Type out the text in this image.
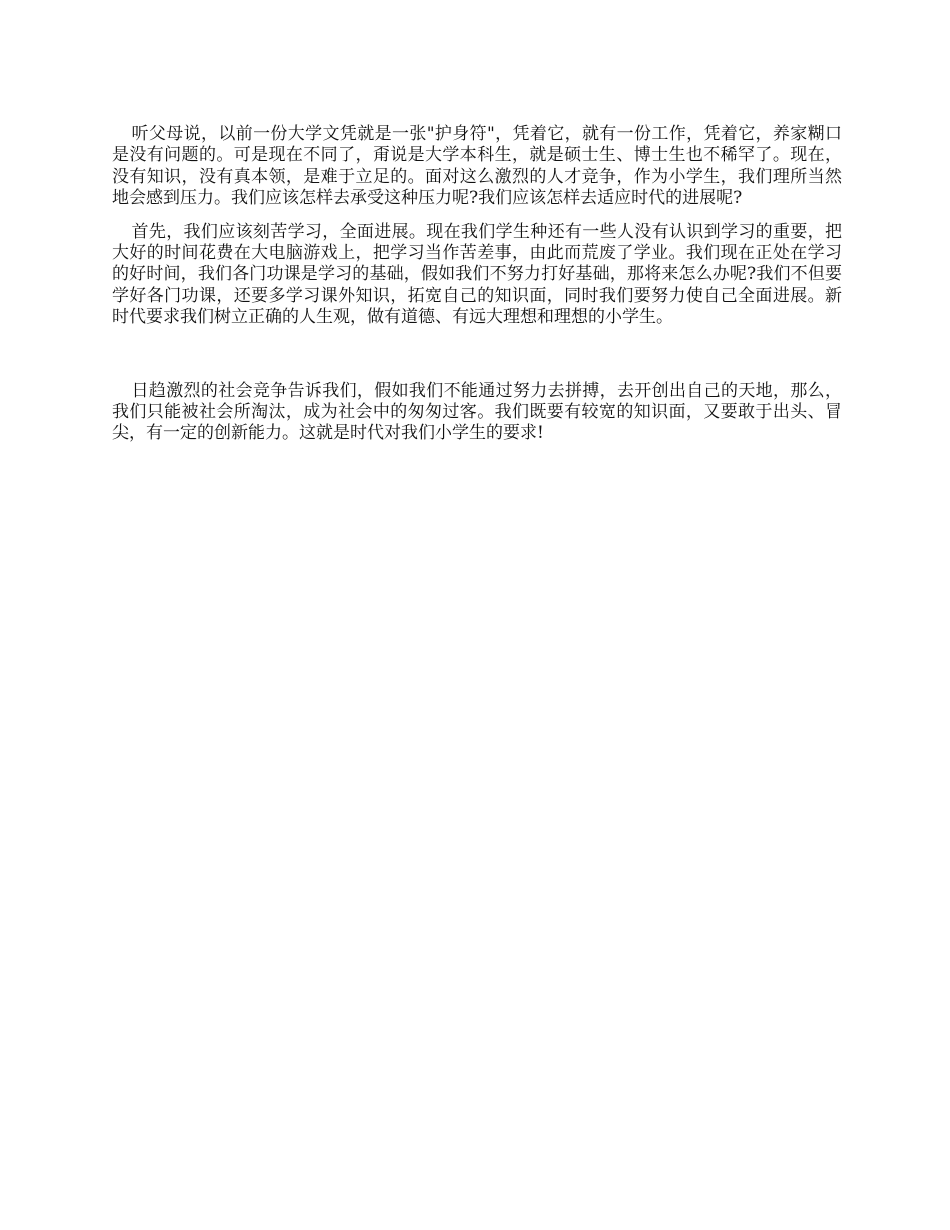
听父母说，以前一份大学文凭就是一张"护身符"，凭着它，就有一份工作，凭着它，养家糊口是没有问题的。可是现在不同了，甭说是大学本科生，就是硕士生、博士生也不稀罕了。现在，没有知识，没有真本领，是难于立足的。面对这么激烈的人才竞争，作为小学生，我们理所当然地会感到压力。我们应该怎样去承受这种压力呢?我们应该怎样去适应时代的进展呢?

首先，我们应该刻苦学习，全面进展。现在我们学生种还有一些人没有认识到学习的重要，把大好的时间花费在大电脑游戏上，把学习当作苦差事，由此而荒废了学业。我们现在正处在学习的好时间，我们各门功课是学习的基础，假如我们不努力打好基础，那将来怎么办呢?我们不但要学好各门功课，还要多学习课外知识，拓宽自己的知识面，同时我们要努力使自己全面进展。新时代要求我们树立正确的人生观，做有道德、有远大理想和理想的小学生。

日趋激烈的社会竞争告诉我们，假如我们不能通过努力去拼搏，去开创出自己的天地，那么，我们只能被社会所淘汰，成为社会中的匆匆过客。我们既要有较宽的知识面，又要敢于出头、冒尖，有一定的创新能力。这就是时代对我们小学生的要求!
